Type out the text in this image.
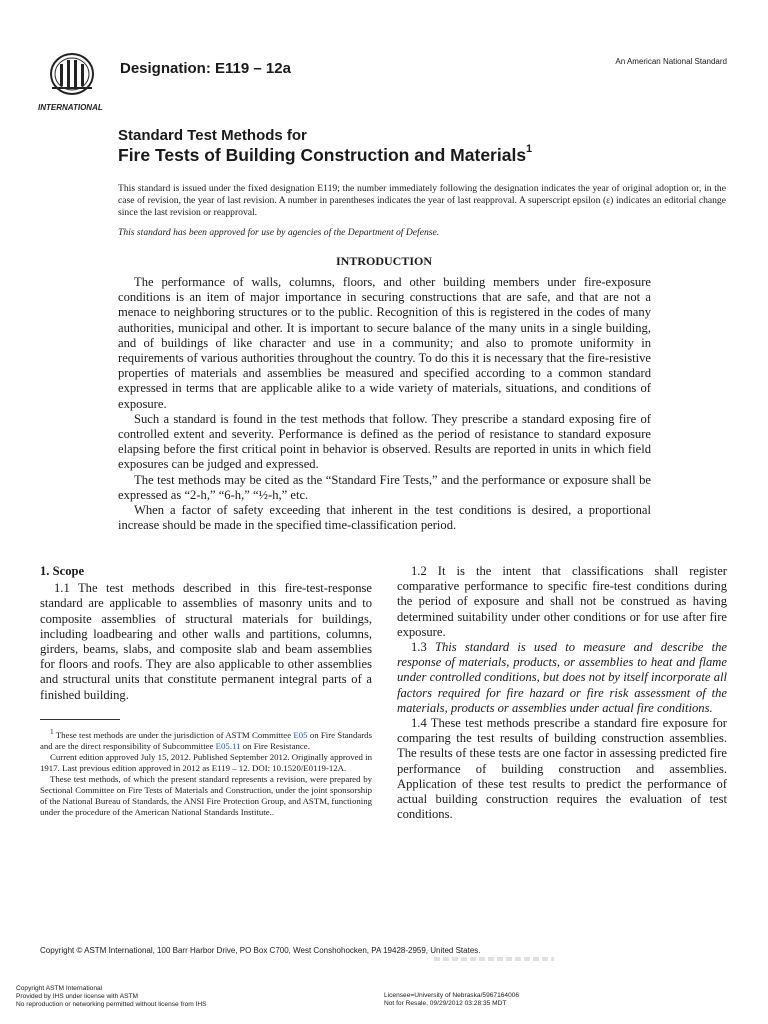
INTERNATIONAL
Designation: E119 – 12a	An American National Standard
Standard Test Methods for
Fire Tests of Building Construction and Materials$^1$
This standard is issued under the fixed designation E119; the number immediately following the designation indicates the year of original adoption or, in the case of revision, the year of last revision. A number in parentheses indicates the year of last reapproval. A superscript epsilon (ε) indicates an editorial change since the last revision or reapproval.
This standard has been approved for use by agencies of the Department of Defense.
INTRODUCTION

The performance of walls, columns, floors, and other building members under fire-exposure conditions is an item of major importance in securing constructions that are safe, and that are not a menace to neighboring structures or to the public. Recognition of this is registered in the codes of many authorities, municipal and other. It is important to secure balance of the many units in a single building, and of buildings of like character and use in a community; and also to promote uniformity in requirements of various authorities throughout the country. To do this it is necessary that the fire-resistive properties of materials and assemblies be measured and specified according to a common standard expressed in terms that are applicable alike to a wide variety of materials, situations, and conditions of exposure.

Such a standard is found in the test methods that follow. They prescribe a standard exposing fire of controlled extent and severity. Performance is defined as the period of resistance to standard exposure elapsing before the first critical point in behavior is observed. Results are reported in units in which field exposures can be judged and expressed.

The test methods may be cited as the “Standard Fire Tests,” and the performance or exposure shall be expressed as “2-h,” “6-h,” “½-h,” etc.

When a factor of safety exceeding that inherent in the test conditions is desired, a proportional increase should be made in the specified time-classification period.

1. Scope

1.1 The test methods described in this fire-test-response standard are applicable to assemblies of masonry units and to composite assemblies of structural materials for buildings, including loadbearing and other walls and partitions, columns, girders, beams, slabs, and composite slab and beam assemblies for floors and roofs. They are also applicable to other assemblies and structural units that constitute permanent integral parts of a finished building.

1.2 It is the intent that classifications shall register comparative performance to specific fire-test conditions during the period of exposure and shall not be construed as having determined suitability under other conditions or for use after fire exposure.

1.3 This standard is used to measure and describe the response of materials, products, or assemblies to heat and flame under controlled conditions, but does not by itself incorporate all factors required for fire hazard or fire risk assessment of the materials, products or assemblies under actual fire conditions.

1.4 These test methods prescribe a standard fire exposure for comparing the test results of building construction assemblies. The results of these tests are one factor in assessing predicted fire performance of building construction and assemblies. Application of these test results to predict the performance of actual building construction requires the evaluation of test conditions.

$^1$ These test methods are under the jurisdiction of ASTM Committee E05 on Fire Standards and are the direct responsibility of Subcommittee E05.11 on Fire Resistance.

Current edition approved July 15, 2012. Published September 2012. Originally approved in 1917. Last previous edition approved in 2012 as E119 – 12. DOI: 10.1520/E0119-12A.

These test methods, of which the present standard represents a revision, were prepared by Sectional Committee on Fire Tests of Materials and Construction, under the joint sponsorship of the National Bureau of Standards, the ANSI Fire Protection Group, and ASTM, functioning under the procedure of the American National Standards Institute..

Copyright © ASTM International, 100 Barr Harbor Drive, PO Box C700, West Conshohocken, PA 19428-2959, United States.
Copyright ASTM International
Provided by IHS under license with ASTM
No reproduction or networking permitted without license from IHS
Licensee=University of Nebraska/5967164006
Not for Resale, 09/29/2012 03:28:35 MDT
